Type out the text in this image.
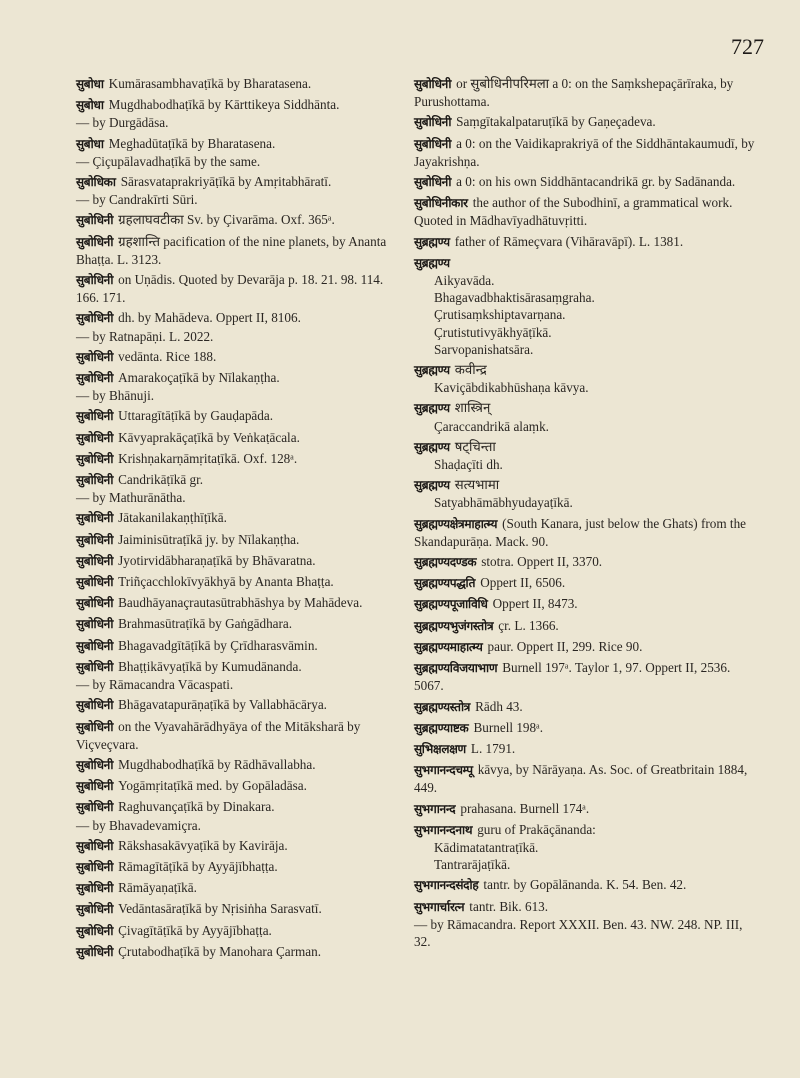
727

सुबोधा Kumārasambhavaṭīkā by Bharatasena.

सुबोधा Mugdhabodhaṭīkā by Kārttikeya Siddhānta.

— by Durgādāsa.

सुबोधा Meghadūtaṭīkā by Bharatasena.

— Çiçupālavadhaṭīkā by the same.

सुबोधिका Sārasvataprakriyāṭīkā by Amṛitabhāratī.

— by Candrakīrti Sūri.

सुबोधिनी ग्रहलाघवटीका Sv. by Çivarāma. Oxf. 365ᵃ.

सुबोधिनी ग्रहशान्ति pacification of the nine planets, by Ananta Bhaṭṭa. L. 3123.

सुबोधिनी on Uṇādis. Quoted by Devarāja p. 18. 21. 98. 114. 166. 171.

सुबोधिनी dh. by Mahādeva. Oppert II, 8106.

— by Ratnapāṇi. L. 2022.

सुबोधिनी vedānta. Rice 188.

सुबोधिनी Amarakoçaṭīkā by Nīlakaṇṭha.

— by Bhānuji.

सुबोधिनी Uttaragītāṭīkā by Gauḍapāda.

सुबोधिनी Kāvyaprakāçaṭīkā by Veṅkaṭācala.

सुबोधिनी Krishṇakarṇāmṛitaṭīkā. Oxf. 128ᵃ.

सुबोधिनी Candrikāṭīkā gr.

— by Mathurānātha.

सुबोधिनी Jātakanilakaṇṭhīṭīkā.

सुबोधिनी Jaiminisūtraṭīkā jy. by Nīlakaṇṭha.

सुबोधिनी Jyotirvidābharaṇaṭīkā by Bhāvaratna.

सुबोधिनी Triñçacchlokīvyākhyā by Ananta Bhaṭṭa.

सुबोधिनी Baudhāyanaçrautasūtrabhāshya by Mahādeva.

सुबोधिनी Brahmasūtraṭīkā by Gaṅgādhara.

सुबोधिनी Bhagavadgītāṭīkā by Çrīdharasvāmin.

सुबोधिनी Bhaṭṭikāvyaṭīkā by Kumudānanda.

— by Rāmacandra Vācaspati.

सुबोधिनी Bhāgavatapurāṇaṭīkā by Vallabhācārya.

सुबोधिनी on the Vyavahārādhyāya of the Mitāksharā by Viçveçvara.

सुबोधिनी Mugdhabodhaṭīkā by Rādhāvallabha.

सुबोधिनी Yogāmṛitaṭīkā med. by Gopāladāsa.

सुबोधिनी Raghuvançaṭīkā by Dinakara.

— by Bhavadevamiçra.

सुबोधिनी Rākshasakāvyaṭīkā by Kavirāja.

सुबोधिनी Rāmagītāṭīkā by Ayyājībhaṭṭa.

सुबोधिनी Rāmāyaṇaṭīkā.

सुबोधिनी Vedāntasāraṭīkā by Nṛisiṅha Sarasvatī.

सुबोधिनी Çivagītāṭīkā by Ayyājībhaṭṭa.

सुबोधिनी Çrutabodhaṭīkā by Manohara Çarman.

सुबोधिनी or सुबोधिनीपरिमला a 0: on the Saṃkshepaçārīraka, by Purushottama.

सुबोधिनी Saṃgītakalpataruṭīkā by Gaṇeçadeva.

सुबोधिनी a 0: on the Vaidikaprakriyā of the Siddhāntakaumudī, by Jayakrishṇa.

सुबोधिनी a 0: on his own Siddhāntacandrikā gr. by Sadānanda.

सुबोधिनीकार the author of the Subodhinī, a grammatical work. Quoted in Mādhavīyadhātuvṛitti.

सुब्रह्मण्य father of Rāmeçvara (Vihāravāpī). L. 1381.

सुब्रह्मण्य

Aikyavāda.

Bhagavadbhaktisārasaṃgraha.

Çrutisaṃkshiptavarṇana.

Çrutistutivyākhyāṭīkā.

Sarvopanishatsāra.

सुब्रह्मण्य कवीन्द्र

Kaviçābdikabhūshaṇa kāvya.

सुब्रह्मण्य शास्त्रिन्

Çaraccandrikā alaṃk.

सुब्रह्मण्य षट्चिन्ता

Shaḍaçīti dh.

सुब्रह्मण्य सत्यभामा

Satyabhāmābhyudayaṭīkā.

सुब्रह्मण्यक्षेत्रमाहात्म्य (South Kanara, just below the Ghats) from the Skandapurāṇa. Mack. 90.

सुब्रह्मण्यदण्डक stotra. Oppert II, 3370.

सुब्रह्मण्यपद्धति Oppert II, 6506.

सुब्रह्मण्यपूजाविधि Oppert II, 8473.

सुब्रह्मण्यभुजंगस्तोत्र çr. L. 1366.

सुब्रह्मण्यमाहात्म्य paur. Oppert II, 299. Rice 90.

सुब्रह्मण्यविजयाभाण Burnell 197ᵃ. Taylor 1, 97. Oppert II, 2536. 5067.

सुब्रह्मण्यस्तोत्र Rādh 43.

सुब्रह्मण्याष्टक Burnell 198ᵃ.

सुभिक्षलक्षण L. 1791.

सुभगानन्दचम्पू kāvya, by Nārāyaṇa. As. Soc. of Greatbritain 1884, 449.

सुभगानन्द prahasana. Burnell 174ᵃ.

सुभगानन्दनाथ guru of Prakāçānanda:

Kādimatatantraṭīkā.

Tantrarājaṭīkā.

सुभगानन्दसंदोह tantr. by Gopālānanda. K. 54. Ben. 42.

सुभगार्चारत्न tantr. Bik. 613.

— by Rāmacandra. Report XXXII. Ben. 43. NW. 248. NP. III, 32.
